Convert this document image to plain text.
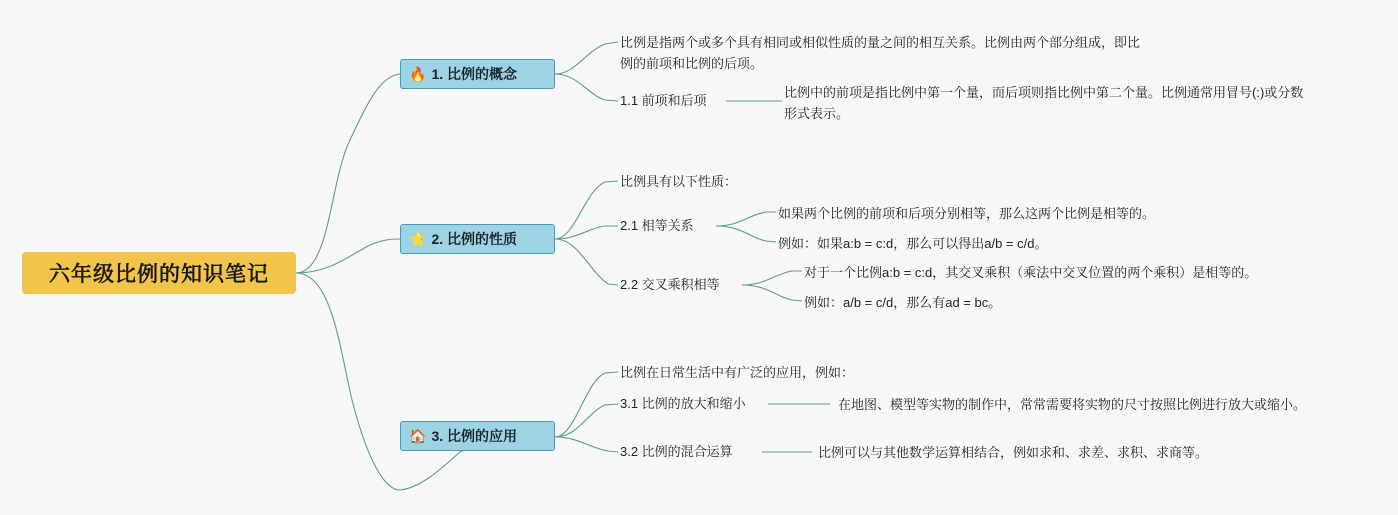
六年级比例的知识笔记
🔥 1. 比例的概念
比例是指两个或多个具有相同或相似性质的量之间的相互关系。比例由两个部分组成，即比例的前项和比例的后项。
1.1 前项和后项
比例中的前项是指比例中第一个量，而后项则指比例中第二个量。比例通常用冒号(:)或分数形式表示。
⭐ 2. 比例的性质
比例具有以下性质：
2.1 相等关系
如果两个比例的前项和后项分别相等，那么这两个比例是相等的。
例如：如果a:b = c:d，那么可以得出a/b = c/d。
2.2 交叉乘积相等
对于一个比例a:b = c:d，其交叉乘积（乘法中交叉位置的两个乘积）是相等的。
例如：a/b = c/d，那么有ad = bc。
🏠 3. 比例的应用
比例在日常生活中有广泛的应用，例如：
3.1 比例的放大和缩小	在地图、模型等实物的制作中，常常需要将实物的尺寸按照比例进行放大或缩小。
3.2 比例的混合运算	比例可以与其他数学运算相结合，例如求和、求差、求积、求商等。
